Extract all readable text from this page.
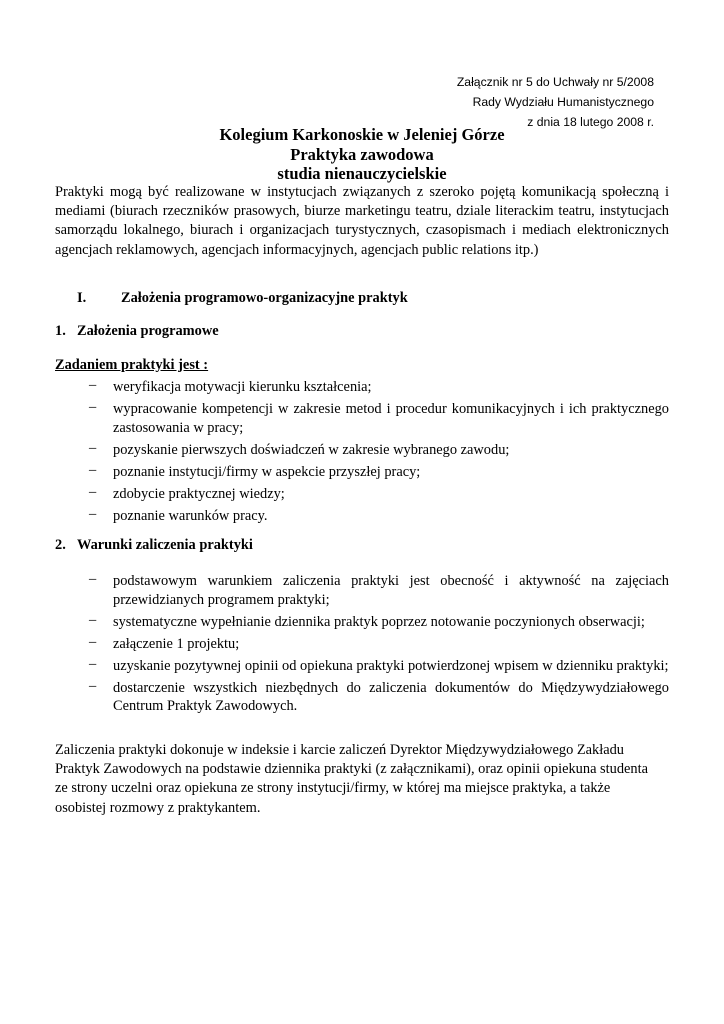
Załącznik nr 5 do Uchwały nr 5/2008
Rady Wydziału Humanistycznego
z dnia 18 lutego 2008 r.
Kolegium Karkonoskie w Jeleniej Górze
Praktyka zawodowa
studia nienauczycielskie

Praktyki mogą być realizowane w instytucjach związanych z szeroko pojętą komunikacją społeczną i mediami (biurach rzeczników prasowych, biurze marketingu teatru, dziale literackim teatru, instytucjach samorządu lokalnego, biurach i organizacjach turystycznych, czasopismach i mediach elektronicznych agencjach reklamowych, agencjach informacyjnych, agencjach public relations itp.)

I. Założenia programowo-organizacyjne praktyk
1. Założenia programowe
Zadaniem praktyki jest :
– weryfikacja motywacji kierunku kształcenia;
– wypracowanie kompetencji w zakresie metod i procedur komunikacyjnych i ich praktycznego zastosowania w pracy;
– pozyskanie pierwszych doświadczeń w zakresie wybranego zawodu;
– poznanie instytucji/firmy w aspekcie przyszłej pracy;
– zdobycie praktycznej wiedzy;
– poznanie warunków pracy.
2. Warunki zaliczenia praktyki
– podstawowym warunkiem zaliczenia praktyki jest obecność i aktywność na zajęciach przewidzianych programem praktyki;
– systematyczne wypełnianie dziennika praktyk poprzez notowanie poczynionych obserwacji;
– załączenie 1 projektu;
– uzyskanie pozytywnej opinii od opiekuna praktyki potwierdzonej wpisem w dzienniku praktyki;
– dostarczenie wszystkich niezbędnych do zaliczenia dokumentów do Międzywydziałowego Centrum Praktyk Zawodowych.
Zaliczenia praktyki dokonuje w indeksie i karcie zaliczeń Dyrektor Międzywydziałowego Zakładu
Praktyk Zawodowych na podstawie dziennika praktyki (z załącznikami), oraz opinii opiekuna studenta
ze strony uczelni oraz opiekuna ze strony instytucji/firmy, w której ma miejsce praktyka, a także
osobistej rozmowy z praktykantem.
